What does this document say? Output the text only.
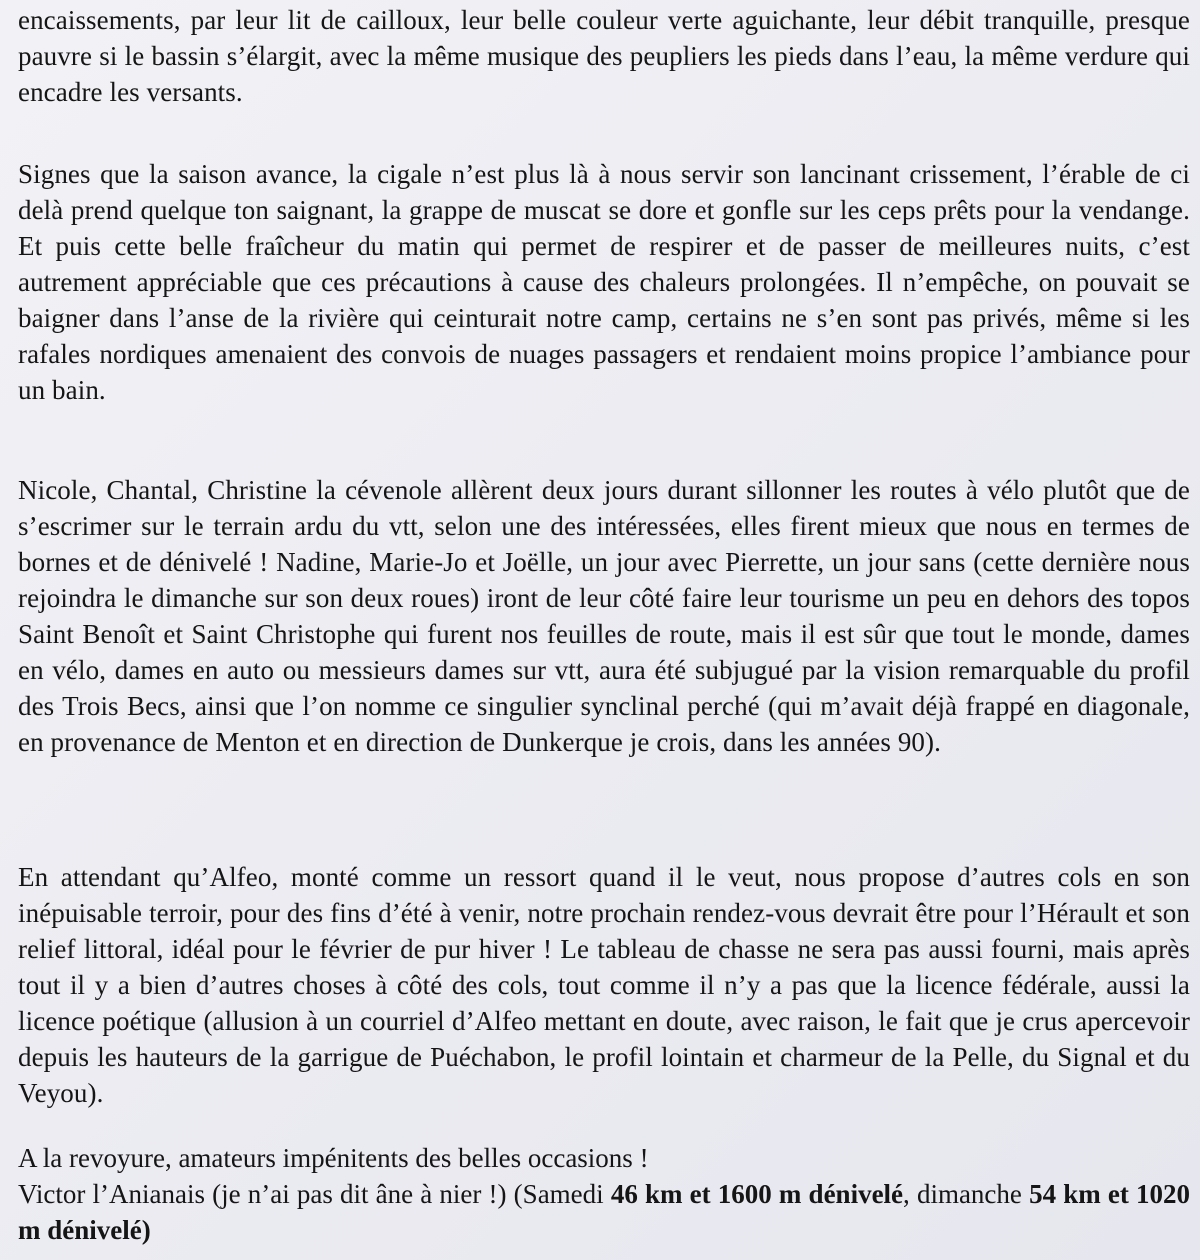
encaissements, par leur lit de cailloux, leur belle couleur verte aguichante, leur débit tranquille, presque pauvre si le bassin s’élargit, avec la même musique des peupliers les pieds dans l’eau, la même verdure qui encadre les versants.

Signes que la saison avance, la cigale n’est plus là à nous servir son lancinant crissement, l’érable de ci delà prend quelque ton saignant, la grappe de muscat se dore et gonfle sur les ceps prêts pour la vendange. Et puis cette belle fraîcheur du matin qui permet de respirer et de passer de meilleures nuits, c’est autrement appréciable que ces précautions à cause des chaleurs prolongées. Il n’empêche, on pouvait se baigner dans l’anse de la rivière qui ceinturait notre camp, certains ne s’en sont pas privés, même si les rafales nordiques amenaient des convois de nuages passagers et rendaient moins propice l’ambiance pour un bain.

Nicole, Chantal, Christine la cévenole allèrent deux jours durant sillonner les routes à vélo plutôt que de s’escrimer sur le terrain ardu du vtt, selon une des intéressées, elles firent mieux que nous en termes de bornes et de dénivelé ! Nadine, Marie-Jo et Joëlle, un jour avec Pierrette, un jour sans (cette dernière nous rejoindra le dimanche sur son deux roues) iront de leur côté faire leur tourisme un peu en dehors des topos Saint Benoît et Saint Christophe qui furent nos feuilles de route, mais il est sûr que tout le monde, dames en vélo, dames en auto ou messieurs dames sur vtt, aura été subjugué par la vision remarquable du profil des Trois Becs, ainsi que l’on nomme ce singulier synclinal perché (qui m’avait déjà frappé en diagonale, en provenance de Menton et en direction de Dunkerque je crois, dans les années 90).

En attendant qu’Alfeo, monté comme un ressort quand il le veut, nous propose d’autres cols en son inépuisable terroir, pour des fins d’été à venir, notre prochain rendez-vous devrait être pour l’Hérault et son relief littoral, idéal pour le février de pur hiver ! Le tableau de chasse ne sera pas aussi fourni, mais après tout il y a bien d’autres choses à côté des cols, tout comme il n’y a pas que la licence fédérale, aussi la licence poétique (allusion à un courriel d’Alfeo mettant en doute, avec raison, le fait que je crus apercevoir depuis les hauteurs de la garrigue de Puéchabon, le profil lointain et charmeur de la Pelle, du Signal et du Veyou).

A la revoyure, amateurs impénitents des belles occasions !
Victor l’Anianais (je n’ai pas dit âne à nier !) (Samedi 46 km et 1600 m dénivelé, dimanche 54 km et 1020 m dénivelé)
